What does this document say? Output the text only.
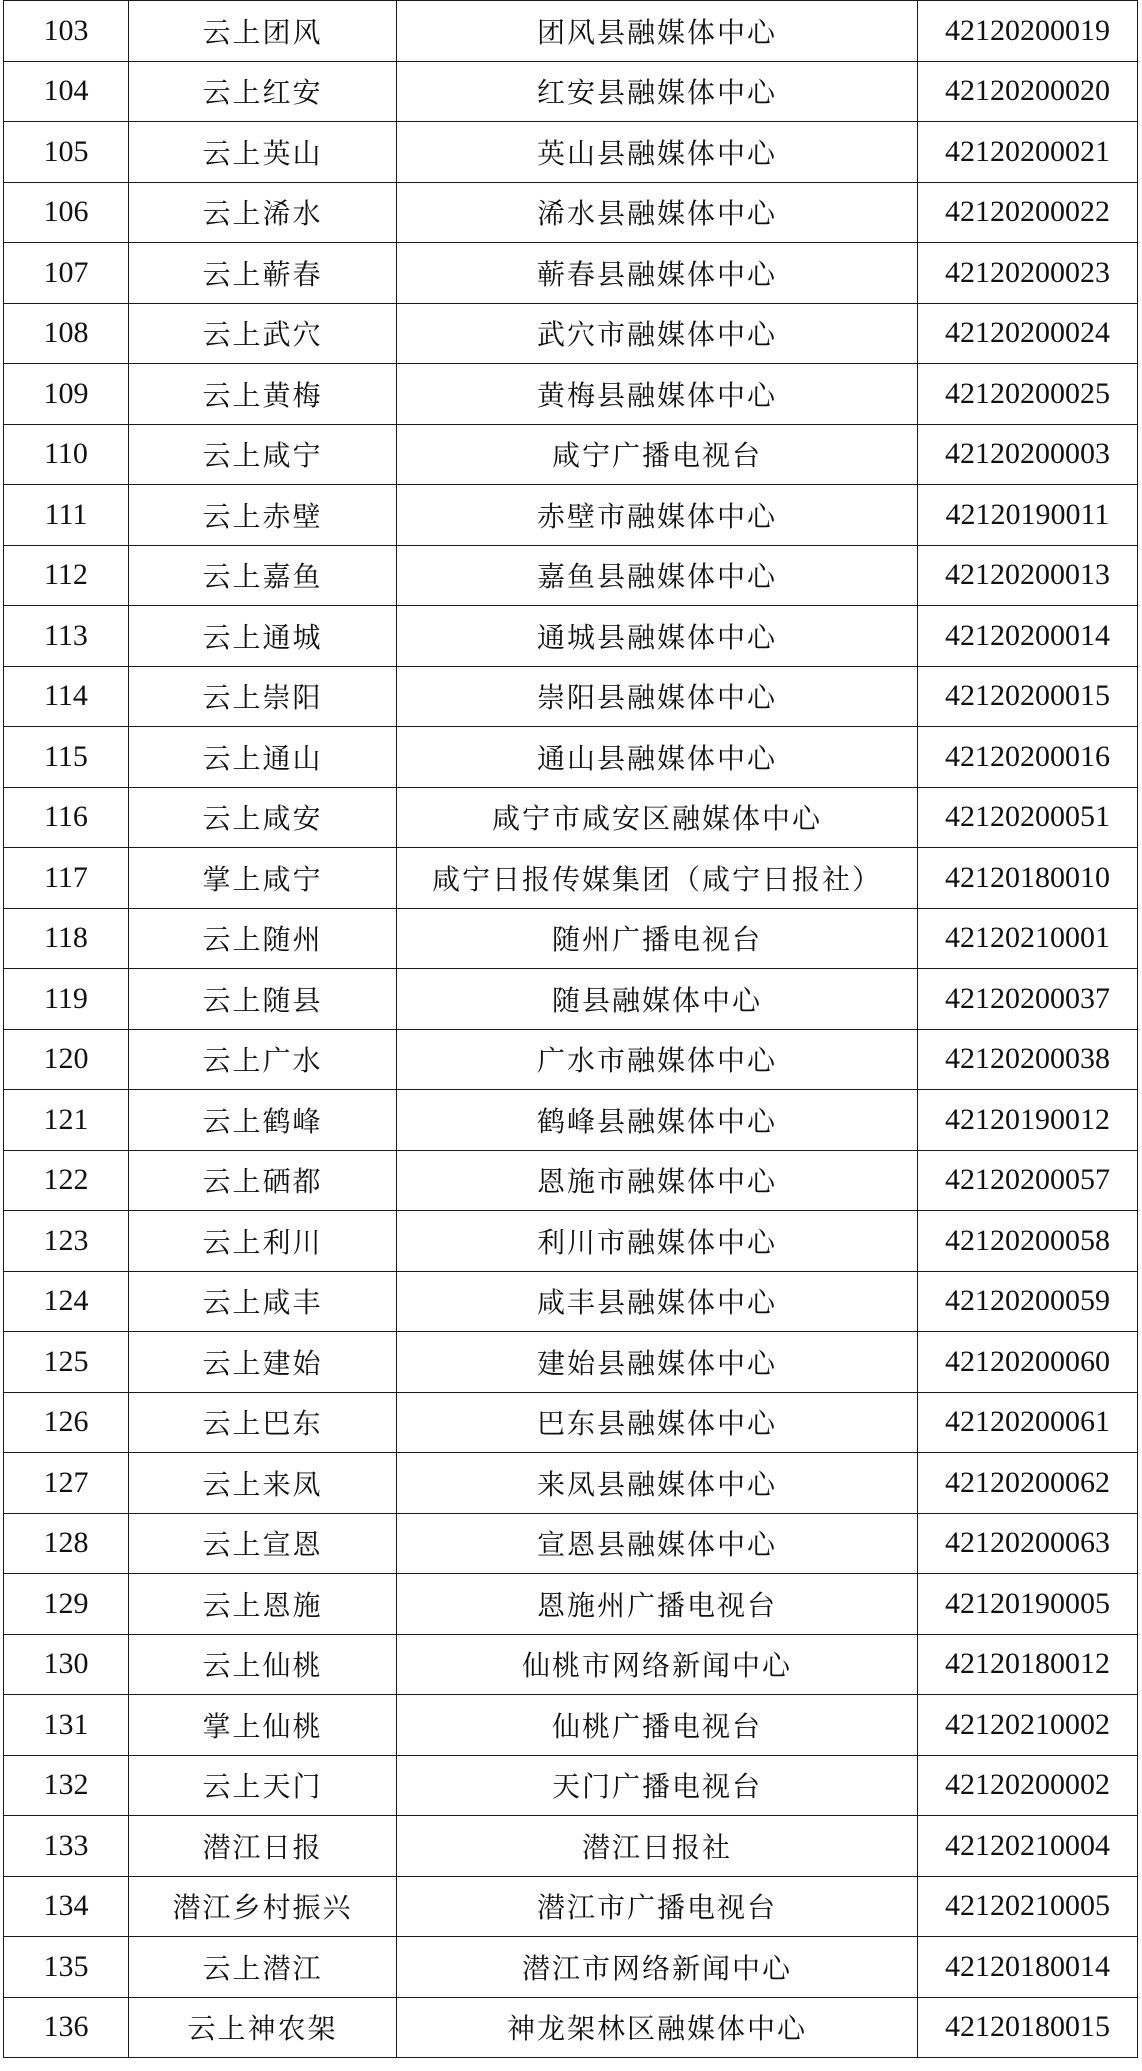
103	云上团风	团风县融媒体中心	42120200019
104	云上红安	红安县融媒体中心	42120200020
105	云上英山	英山县融媒体中心	42120200021
106	云上浠水	浠水县融媒体中心	42120200022
107	云上蕲春	蕲春县融媒体中心	42120200023
108	云上武穴	武穴市融媒体中心	42120200024
109	云上黄梅	黄梅县融媒体中心	42120200025
110	云上咸宁	咸宁广播电视台	42120200003
111	云上赤壁	赤壁市融媒体中心	42120190011
112	云上嘉鱼	嘉鱼县融媒体中心	42120200013
113	云上通城	通城县融媒体中心	42120200014
114	云上崇阳	崇阳县融媒体中心	42120200015
115	云上通山	通山县融媒体中心	42120200016
116	云上咸安	咸宁市咸安区融媒体中心	42120200051
117	掌上咸宁	咸宁日报传媒集团（咸宁日报社）	42120180010
118	云上随州	随州广播电视台	42120210001
119	云上随县	随县融媒体中心	42120200037
120	云上广水	广水市融媒体中心	42120200038
121	云上鹤峰	鹤峰县融媒体中心	42120190012
122	云上硒都	恩施市融媒体中心	42120200057
123	云上利川	利川市融媒体中心	42120200058
124	云上咸丰	咸丰县融媒体中心	42120200059
125	云上建始	建始县融媒体中心	42120200060
126	云上巴东	巴东县融媒体中心	42120200061
127	云上来凤	来凤县融媒体中心	42120200062
128	云上宣恩	宣恩县融媒体中心	42120200063
129	云上恩施	恩施州广播电视台	42120190005
130	云上仙桃	仙桃市网络新闻中心	42120180012
131	掌上仙桃	仙桃广播电视台	42120210002
132	云上天门	天门广播电视台	42120200002
133	潜江日报	潜江日报社	42120210004
134	潜江乡村振兴	潜江市广播电视台	42120210005
135	云上潜江	潜江市网络新闻中心	42120180014
136	云上神农架	神龙架林区融媒体中心	42120180015
